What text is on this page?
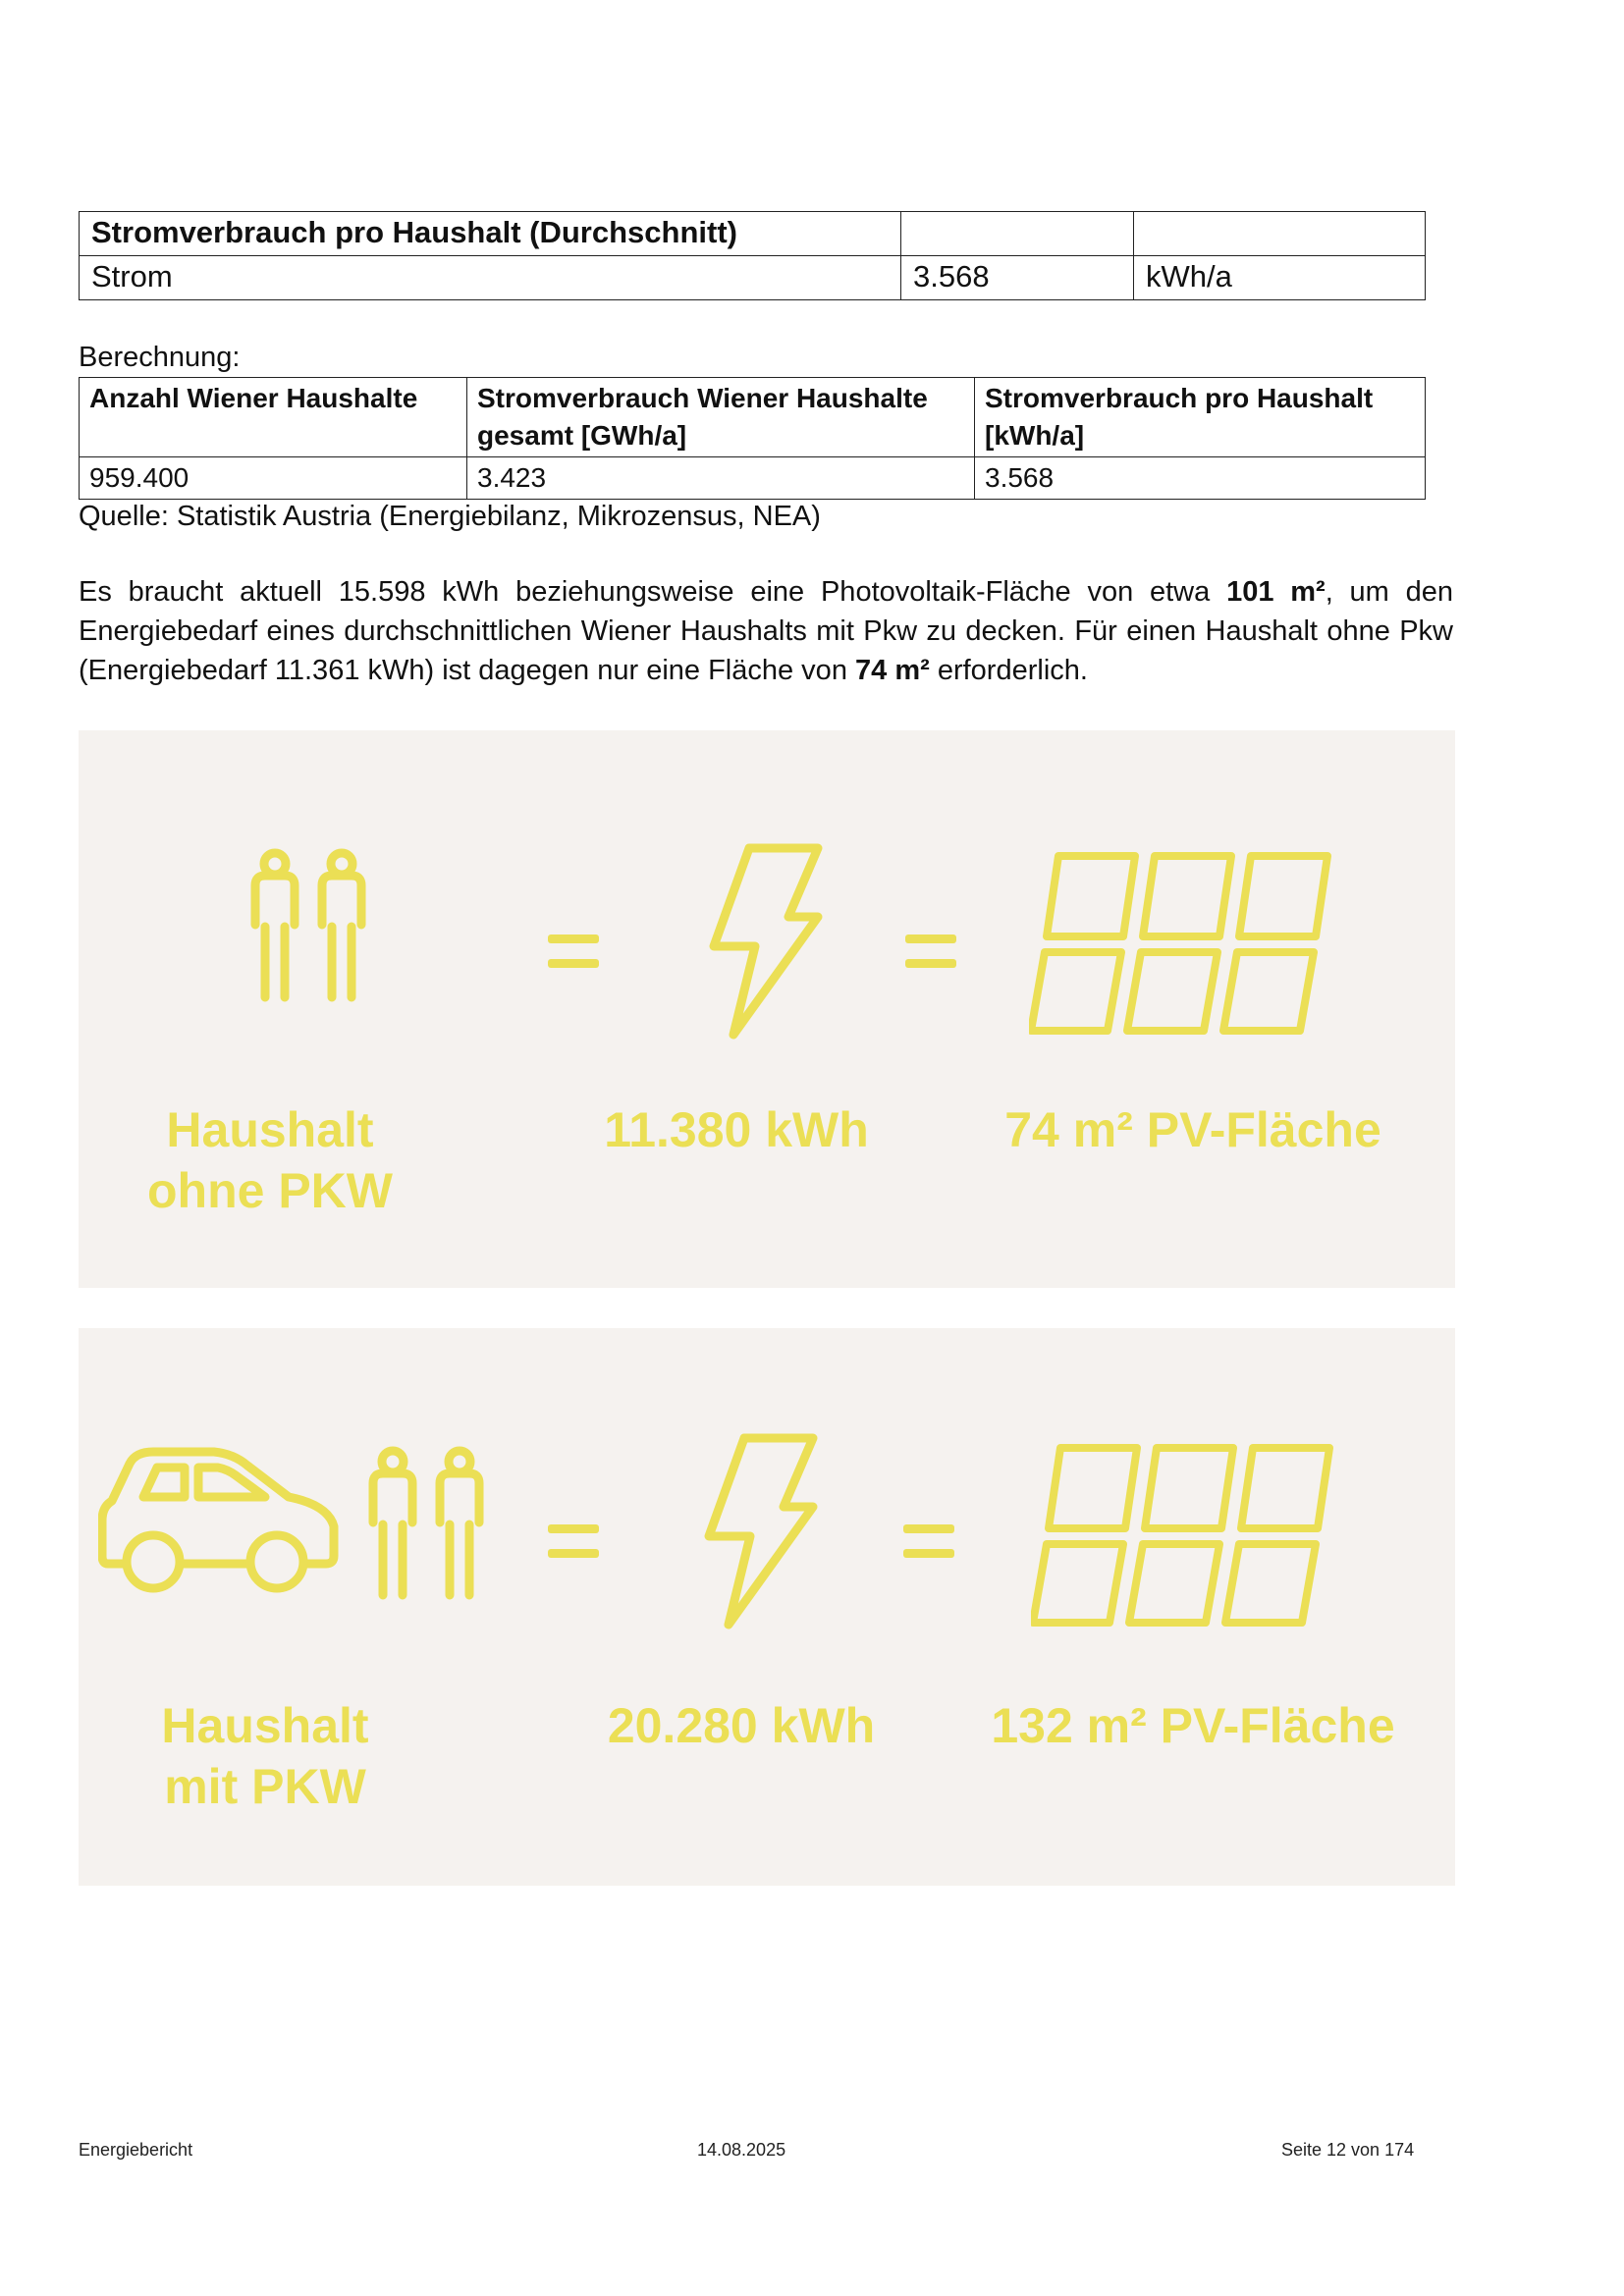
Stromverbrauch pro Haushalt (Durchschnitt)		
Strom	3.568	kWh/a
Berechnung:
Anzahl Wiener Haushalte	Stromverbrauch Wiener Haushalte gesamt [GWh/a]	Stromverbrauch pro Haushalt [kWh/a]
959.400	3.423	3.568
Quelle: Statistik Austria (Energiebilanz, Mikrozensus, NEA)
Es braucht aktuell 15.598 kWh beziehungsweise eine Photovoltaik-Fläche von etwa 101 m², um den Energiebedarf eines durchschnittlichen Wiener Haushalts mit Pkw zu decken. Für einen Haushalt ohne Pkw (Energiebedarf 11.361 kWh) ist dagegen nur eine Fläche von 74 m² erforderlich.
Haushalt
ohne PKW
11.380 kWh	74 m² PV-Fläche
Haushalt
mit PKW
20.280 kWh	132 m² PV-Fläche
Energiebericht	14.08.2025	Seite 12 von 174
